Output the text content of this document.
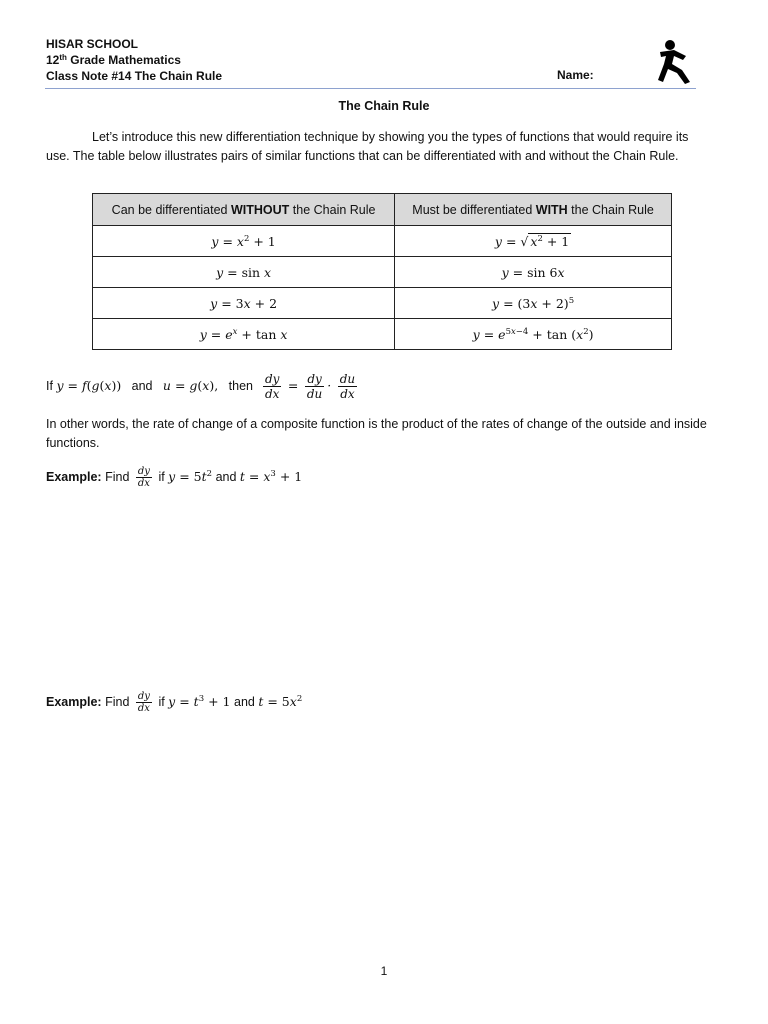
HISAR SCHOOL
12th Grade Mathematics
Class Note #14 The Chain Rule	Name:
The Chain Rule
Let’s introduce this new differentiation technique by showing you the types of functions that would require its use. The table below illustrates pairs of similar functions that can be differentiated with and without the Chain Rule.
Can be differentiated WITHOUT the Chain Rule	Must be differentiated WITH the Chain Rule
$y = x^2 + 1$	y = √ $x^2 + 1$
y = sin x	y = sin 6x
y = 3x + 2	$y = (3x + 2)^5$
$y = e^x + \tan x$	$y = e^{5x-4} + \tan (x^2)$
If y = f(g(x)) and u = g(x), then $\frac{dy}{dx} = \frac{dy}{du} \cdot \frac{du}{dx}$
In other words, the rate of change of a composite function is the product of the rates of change of the outside and inside functions.
Example: Find $\frac{dy}{dx}$ if $y = 5t^2$ and $t = x^3 + 1$
Example: Find $\frac{dy}{dx}$ if $y = t^3 + 1$ and $t = 5x^2$
1
